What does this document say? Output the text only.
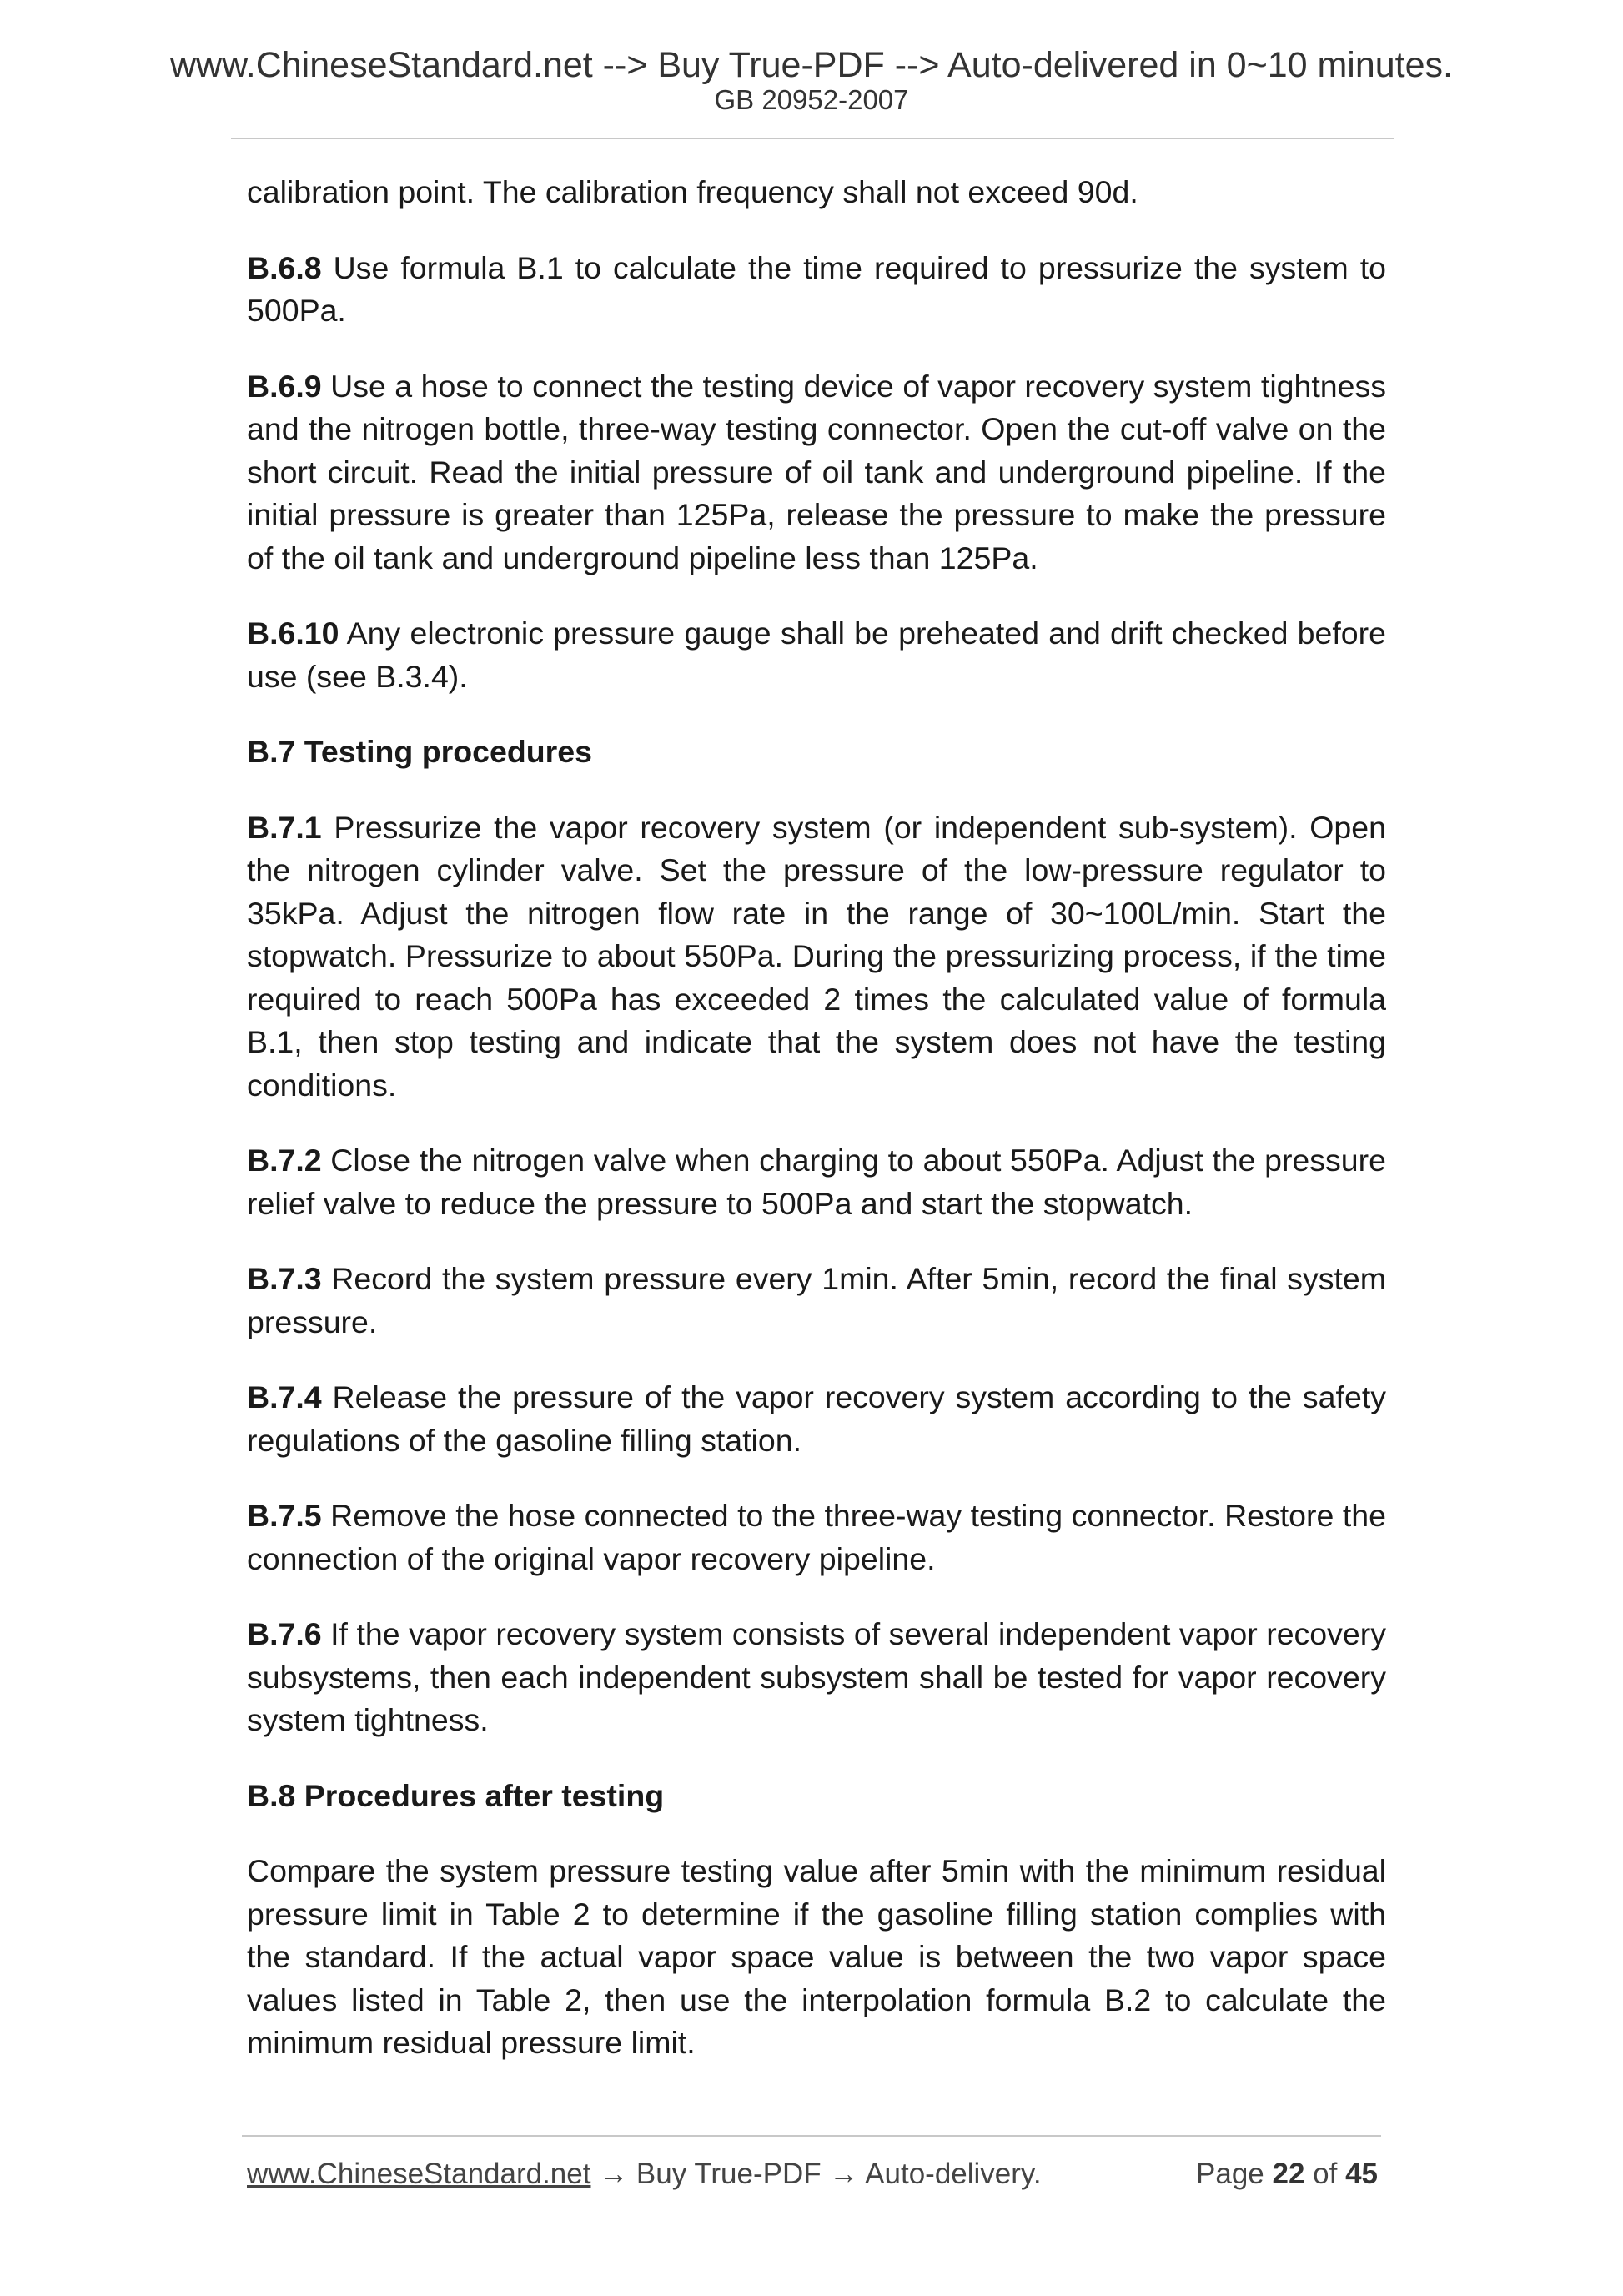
www.ChineseStandard.net --> Buy True-PDF --> Auto-delivered in 0~10 minutes.
GB 20952-2007

calibration point. The calibration frequency shall not exceed 90d.

B.6.8 Use formula B.1 to calculate the time required to pressurize the system to 500Pa.

B.6.9 Use a hose to connect the testing device of vapor recovery system tightness and the nitrogen bottle, three-way testing connector. Open the cut-off valve on the short circuit. Read the initial pressure of oil tank and underground pipeline. If the initial pressure is greater than 125Pa, release the pressure to make the pressure of the oil tank and underground pipeline less than 125Pa.

B.6.10 Any electronic pressure gauge shall be preheated and drift checked before use (see B.3.4).

B.7 Testing procedures

B.7.1 Pressurize the vapor recovery system (or independent sub-system). Open the nitrogen cylinder valve. Set the pressure of the low-pressure regulator to 35kPa. Adjust the nitrogen flow rate in the range of 30~100L/min. Start the stopwatch. Pressurize to about 550Pa. During the pressurizing process, if the time required to reach 500Pa has exceeded 2 times the calculated value of formula B.1, then stop testing and indicate that the system does not have the testing conditions.

B.7.2 Close the nitrogen valve when charging to about 550Pa. Adjust the pressure relief valve to reduce the pressure to 500Pa and start the stopwatch.

B.7.3 Record the system pressure every 1min. After 5min, record the final system pressure.

B.7.4 Release the pressure of the vapor recovery system according to the safety regulations of the gasoline filling station.

B.7.5 Remove the hose connected to the three-way testing connector. Restore the connection of the original vapor recovery pipeline.

B.7.6 If the vapor recovery system consists of several independent vapor recovery subsystems, then each independent subsystem shall be tested for vapor recovery system tightness.

B.8 Procedures after testing

Compare the system pressure testing value after 5min with the minimum residual pressure limit in Table 2 to determine if the gasoline filling station complies with the standard. If the actual vapor space value is between the two vapor space values listed in Table 2, then use the interpolation formula B.2 to calculate the minimum residual pressure limit.

www.ChineseStandard.net → Buy True-PDF → Auto-delivery.	Page 22 of 45
